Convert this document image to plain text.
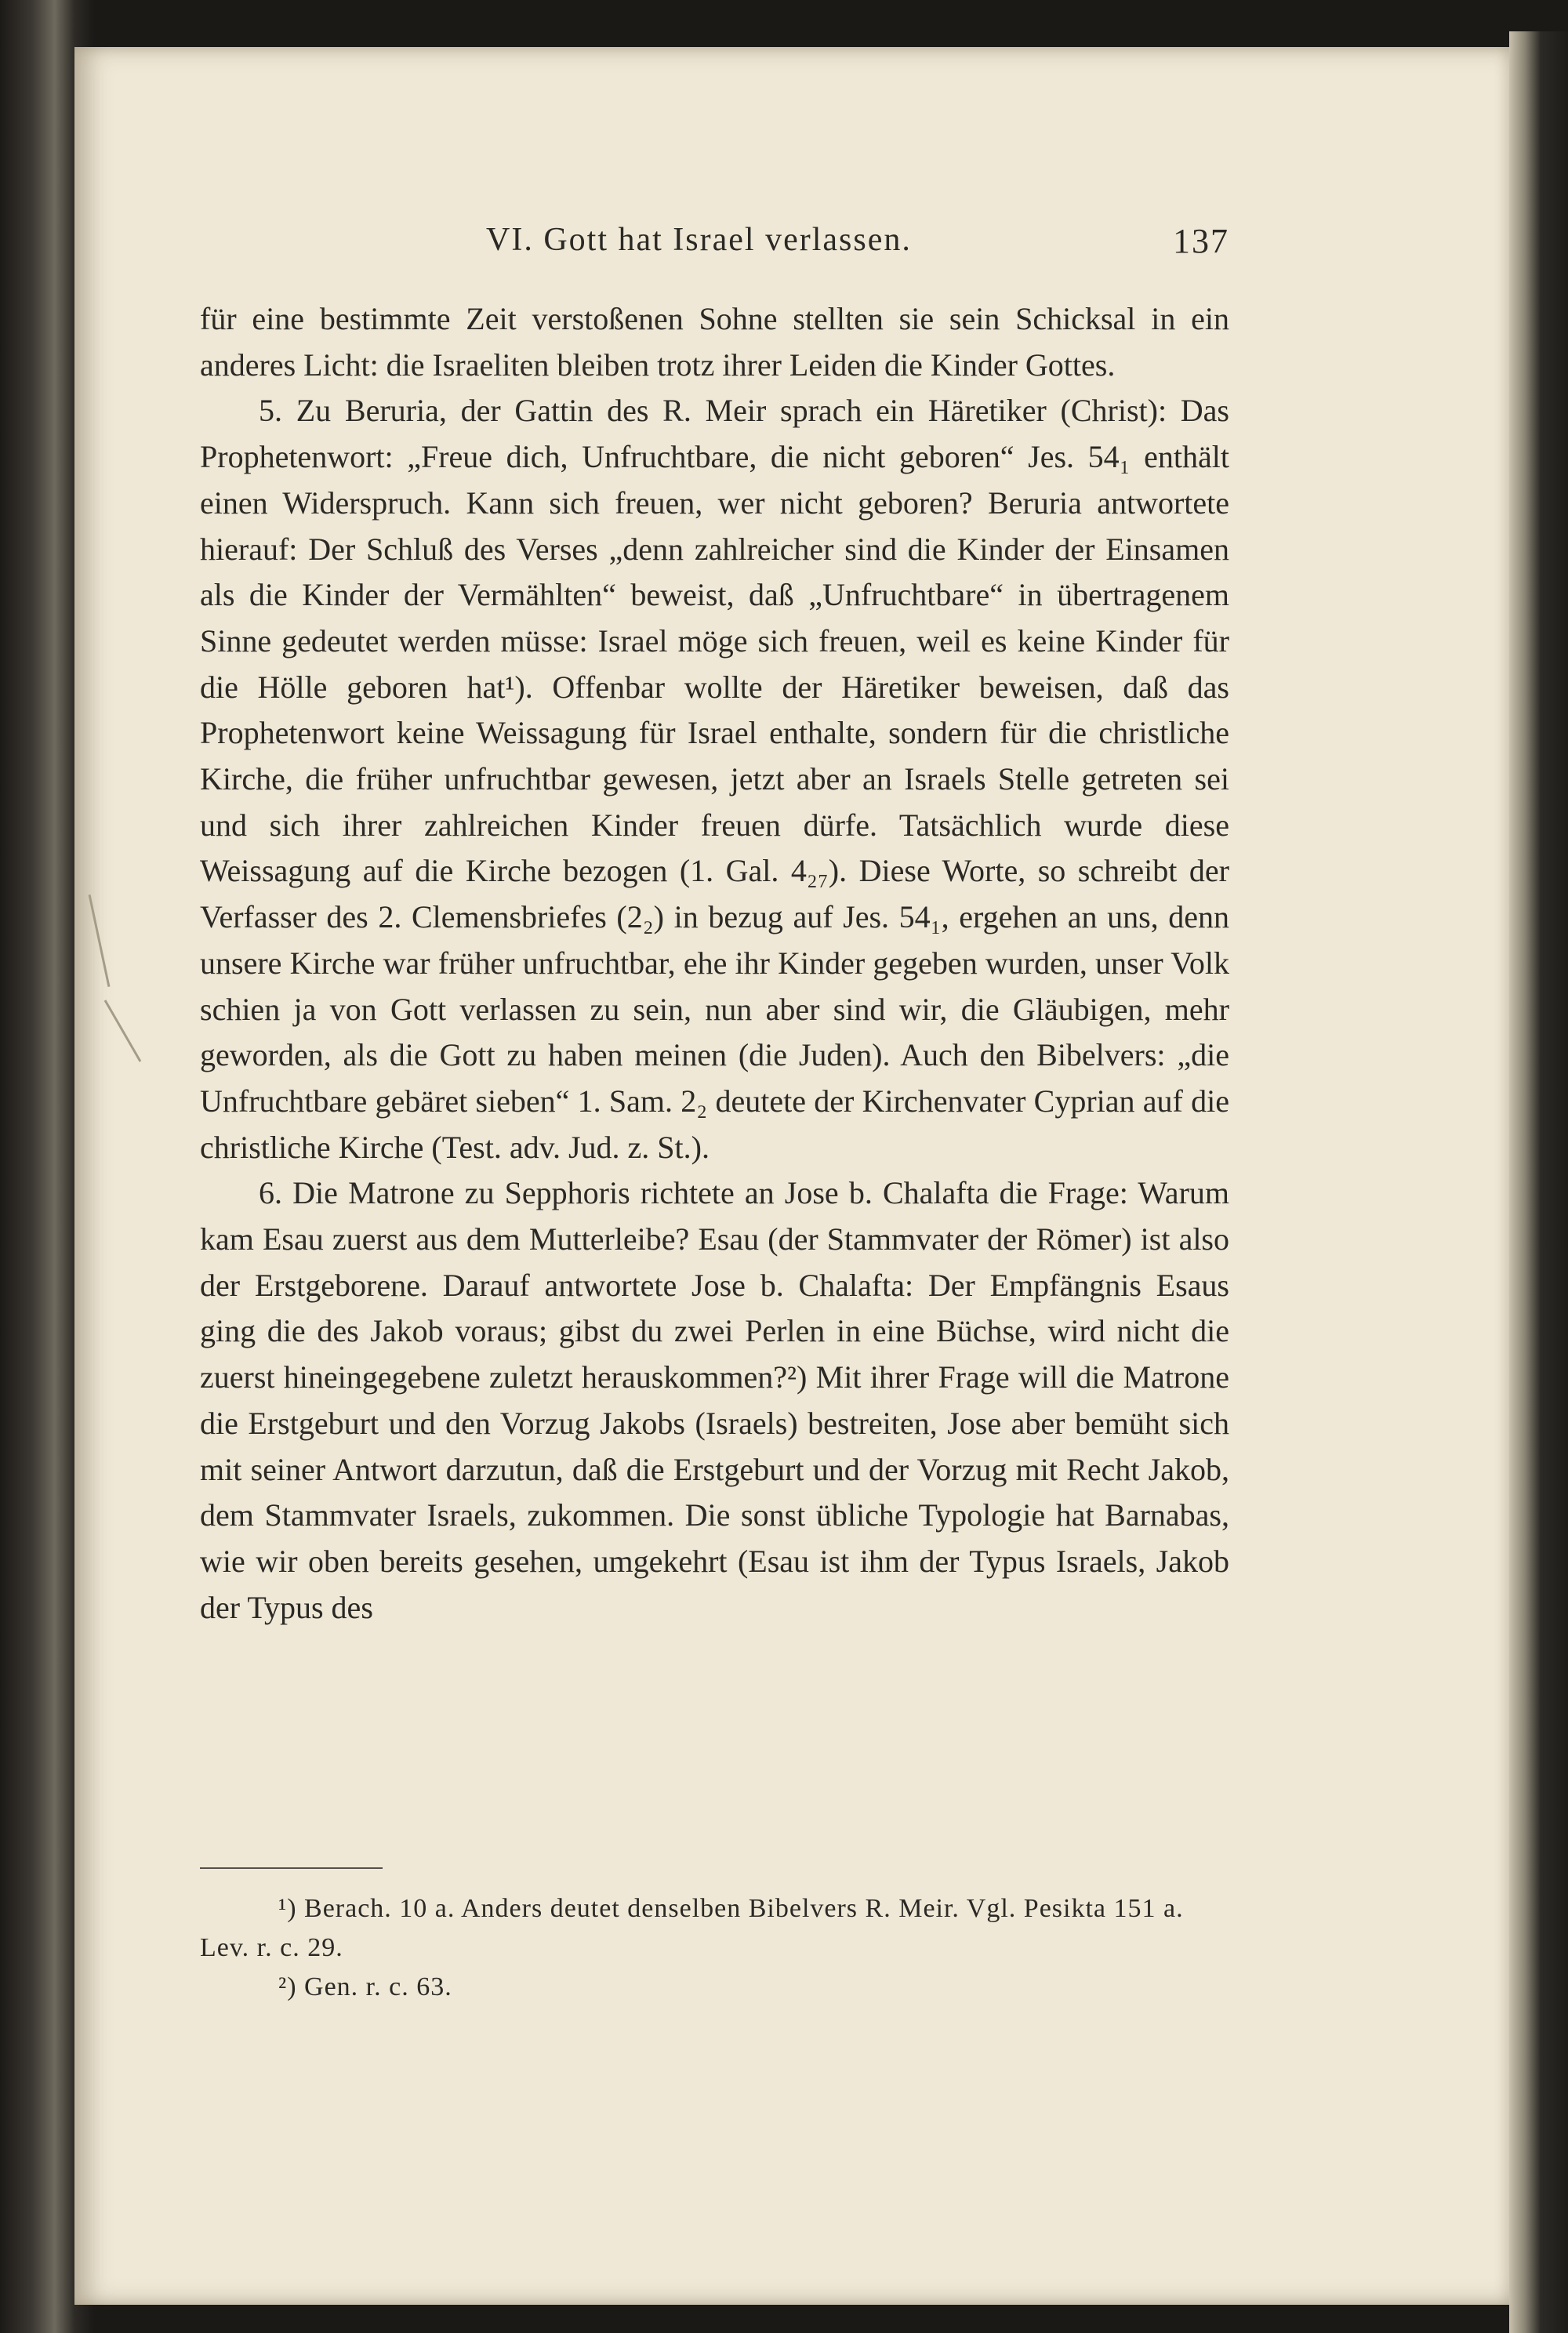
VI. Gott hat Israel verlassen.	137

für eine bestimmte Zeit verstoßenen Sohne stellten sie sein Schicksal in ein anderes Licht: die Israeliten bleiben trotz ihrer Leiden die Kinder Gottes.

5. Zu Beruria, der Gattin des R. Meir sprach ein Häretiker (Christ): Das Prophetenwort: „Freue dich, Unfruchtbare, die nicht geboren“ Jes. 54₁ enthält einen Widerspruch. Kann sich freuen, wer nicht geboren? Beruria antwortete hierauf: Der Schluß des Verses „denn zahlreicher sind die Kinder der Einsamen als die Kinder der Vermählten“ beweist, daß „Unfruchtbare“ in übertragenem Sinne gedeutet werden müsse: Israel möge sich freuen, weil es keine Kinder für die Hölle geboren hat¹). Offenbar wollte der Häretiker beweisen, daß das Prophetenwort keine Weissagung für Israel enthalte, sondern für die christliche Kirche, die früher unfruchtbar gewesen, jetzt aber an Israels Stelle getreten sei und sich ihrer zahlreichen Kinder freuen dürfe. Tatsächlich wurde diese Weissagung auf die Kirche bezogen (1. Gal. 4₂₇). Diese Worte, so schreibt der Verfasser des 2. Clemensbriefes (2₂) in bezug auf Jes. 54₁, ergehen an uns, denn unsere Kirche war früher unfruchtbar, ehe ihr Kinder gegeben wurden, unser Volk schien ja von Gott verlassen zu sein, nun aber sind wir, die Gläubigen, mehr geworden, als die Gott zu haben meinen (die Juden). Auch den Bibelvers: „die Unfruchtbare gebäret sieben“ 1. Sam. 2₂ deutete der Kirchenvater Cyprian auf die christliche Kirche (Test. adv. Jud. z. St.).

6. Die Matrone zu Sepphoris richtete an Jose b. Chalafta die Frage: Warum kam Esau zuerst aus dem Mutterleibe? Esau (der Stammvater der Römer) ist also der Erstgeborene. Darauf antwortete Jose b. Chalafta: Der Empfängnis Esaus ging die des Jakob voraus; gibst du zwei Perlen in eine Büchse, wird nicht die zuerst hineingegebene zuletzt herauskommen?²) Mit ihrer Frage will die Matrone die Erstgeburt und den Vorzug Jakobs (Israels) bestreiten, Jose aber bemüht sich mit seiner Antwort darzutun, daß die Erstgeburt und der Vorzug mit Recht Jakob, dem Stammvater Israels, zukommen. Die sonst übliche Typologie hat Barnabas, wie wir oben bereits gesehen, umgekehrt (Esau ist ihm der Typus Israels, Jakob der Typus des

¹) Berach. 10 a. Anders deutet denselben Bibelvers R. Meir. Vgl. Pesikta 151 a. Lev. r. c. 29.

²) Gen. r. c. 63.
